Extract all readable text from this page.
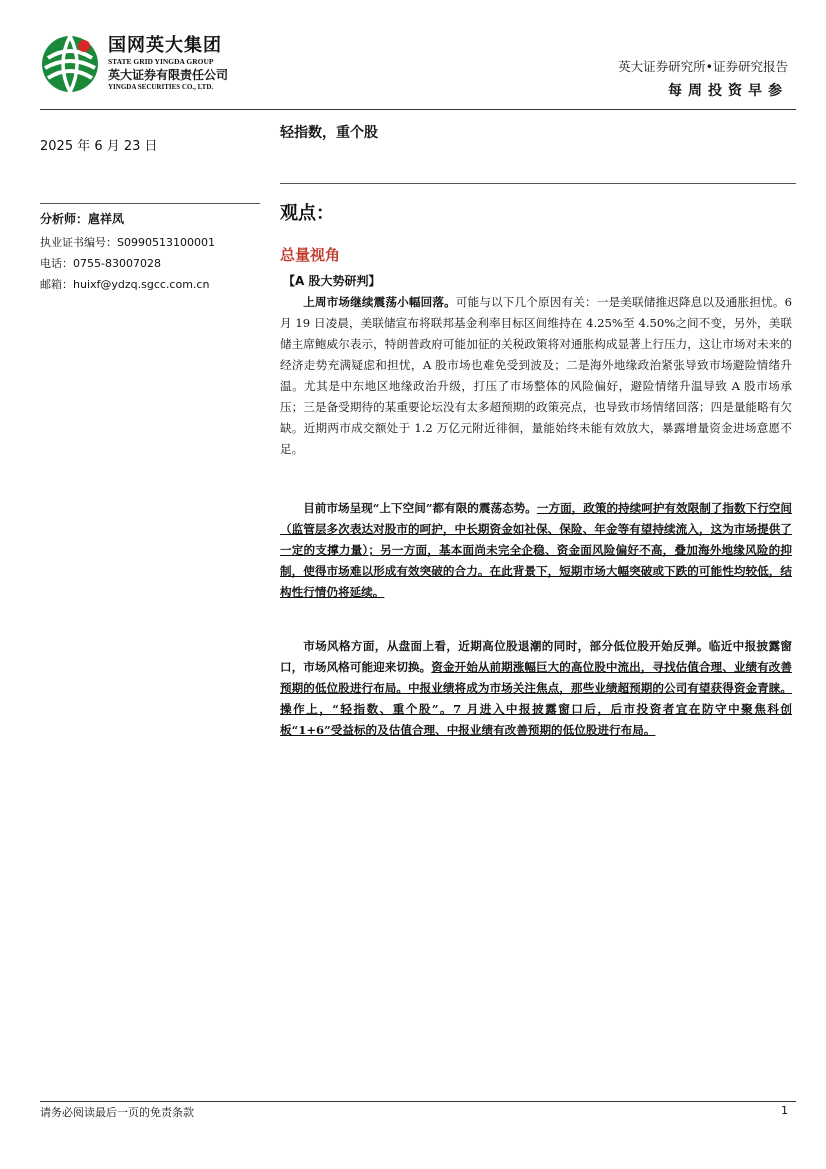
国网英大集团
STATE GRID YINGDA GROUP
英大证券有限责任公司
YINGDA SECURITIES CO., LTD.
英大证券研究所•证券研究报告
每周投资早参
2025 年 6 月 23 日
分析师：扈祥凤
执业证书编号：S0990513100001
电话：0755-83007028
邮箱：huixf@ydzq.sgcc.com.cn
轻指数，重个股
观点：
总量视角
【A 股大势研判】

上周市场继续震荡小幅回落。可能与以下几个原因有关：一是美联储推迟降息以及通胀担忧。6 月 19 日凌晨，美联储宣布将联邦基金利率目标区间维持在 4.25%至 4.50%之间不变，另外，美联储主席鲍威尔表示，特朗普政府可能加征的关税政策将对通胀构成显著上行压力，这让市场对未来的经济走势充满疑虑和担忧，A 股市场也难免受到波及；二是海外地缘政治紧张导致市场避险情绪升温。尤其是中东地区地缘政治升级，打压了市场整体的风险偏好，避险情绪升温导致 A 股市场承压；三是备受期待的某重要论坛没有太多超预期的政策亮点，也导致市场情绪回落；四是量能略有欠缺。近期两市成交额处于 1.2 万亿元附近徘徊，量能始终未能有效放大，暴露增量资金进场意愿不足。

目前市场呈现“上下空间”都有限的震荡态势。一方面，政策的持续呵护有效限制了指数下行空间（监管层多次表达对股市的呵护，中长期资金如社保、保险、年金等有望持续流入，这为市场提供了一定的支撑力量）；另一方面，基本面尚未完全企稳、资金面风险偏好不高，叠加海外地缘风险的抑制，使得市场难以形成有效突破的合力。在此背景下，短期市场大幅突破或下跌的可能性均较低，结构性行情仍将延续。

市场风格方面，从盘面上看，近期高位股退潮的同时，部分低位股开始反弹。临近中报披露窗口，市场风格可能迎来切换。资金开始从前期涨幅巨大的高位股中流出，寻找估值合理、业绩有改善预期的低位股进行布局。中报业绩将成为市场关注焦点，那些业绩超预期的公司有望获得资金青睐。操作上，“轻指数、重个股”。7 月进入中报披露窗口后，后市投资者宜在防守中聚焦科创板“1+6”受益标的及估值合理、中报业绩有改善预期的低位股进行布局。

请务必阅读最后一页的免责条款	1
